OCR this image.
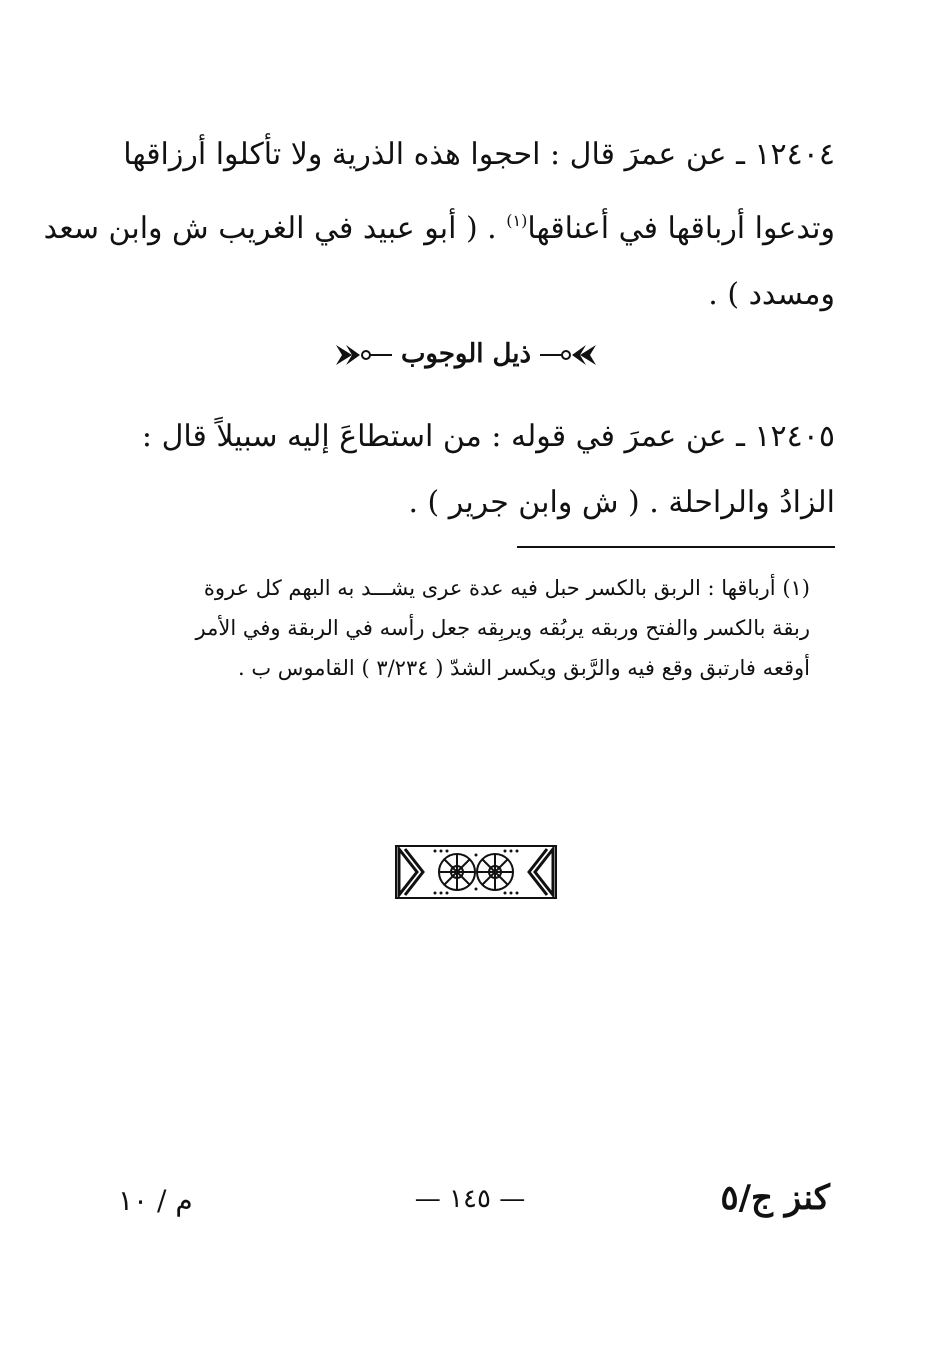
١٢٤٠٤ ـ عن عمرَ قال : احجوا هذه الذرية ولا تأكلوا أرزاقها
وتدعوا أرباقها في أعناقها$^{(١)}$ . ( أبو عبيد في الغريب ش وابن سعد
ومسدد ) .
ذيل الوجوب
١٢٤٠٥ ـ عن عمرَ في قوله : من استطاعَ إليه سبيلاً قال :
الزادُ والراحلة . ( ش وابن جرير ) .
(١) أرباقها : الربق بالكسر حبل فيه عدة عرى يشـــد به البهم كل عروة
ربقة بالكسر والفتح وربقه يربُقه ويربِقه جعل رأسه في الربقة وفي الأمر
أوقعه فارتبق وقع فيه والرَّبق ويكسر الشدّ ( ٣/٢٣٤ ) القاموس ب .
م / ١٠	— ١٤٥ —	كنز ج/٥
